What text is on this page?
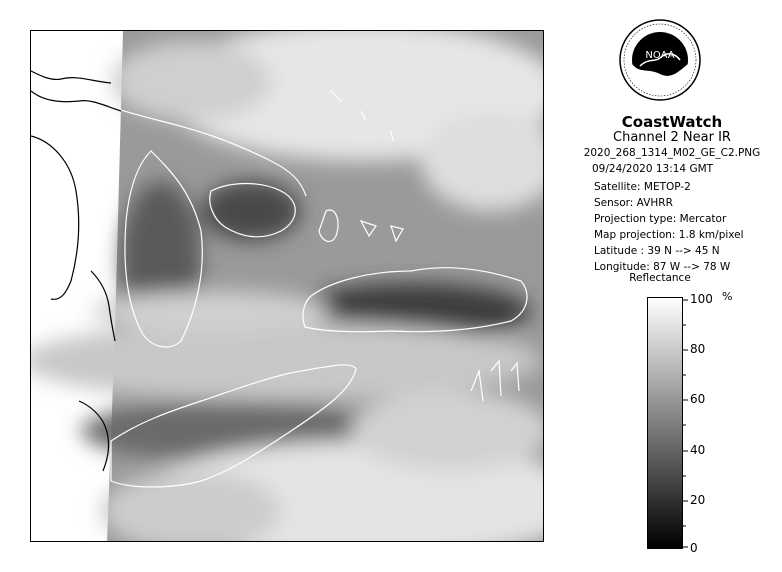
NOAA
CoastWatch
Channel 2 Near IR
2020_268_1314_M02_GE_C2.PNG
09/24/2020 13:14 GMT
Satellite: METOP-2
Sensor: AVHRR
Projection type: Mercator
Map projection: 1.8 km/pixel
Latitude : 39 N --> 45 N
Longitude: 87 W --> 78 W
Reflectance
%
100
80
60
40
20
0
